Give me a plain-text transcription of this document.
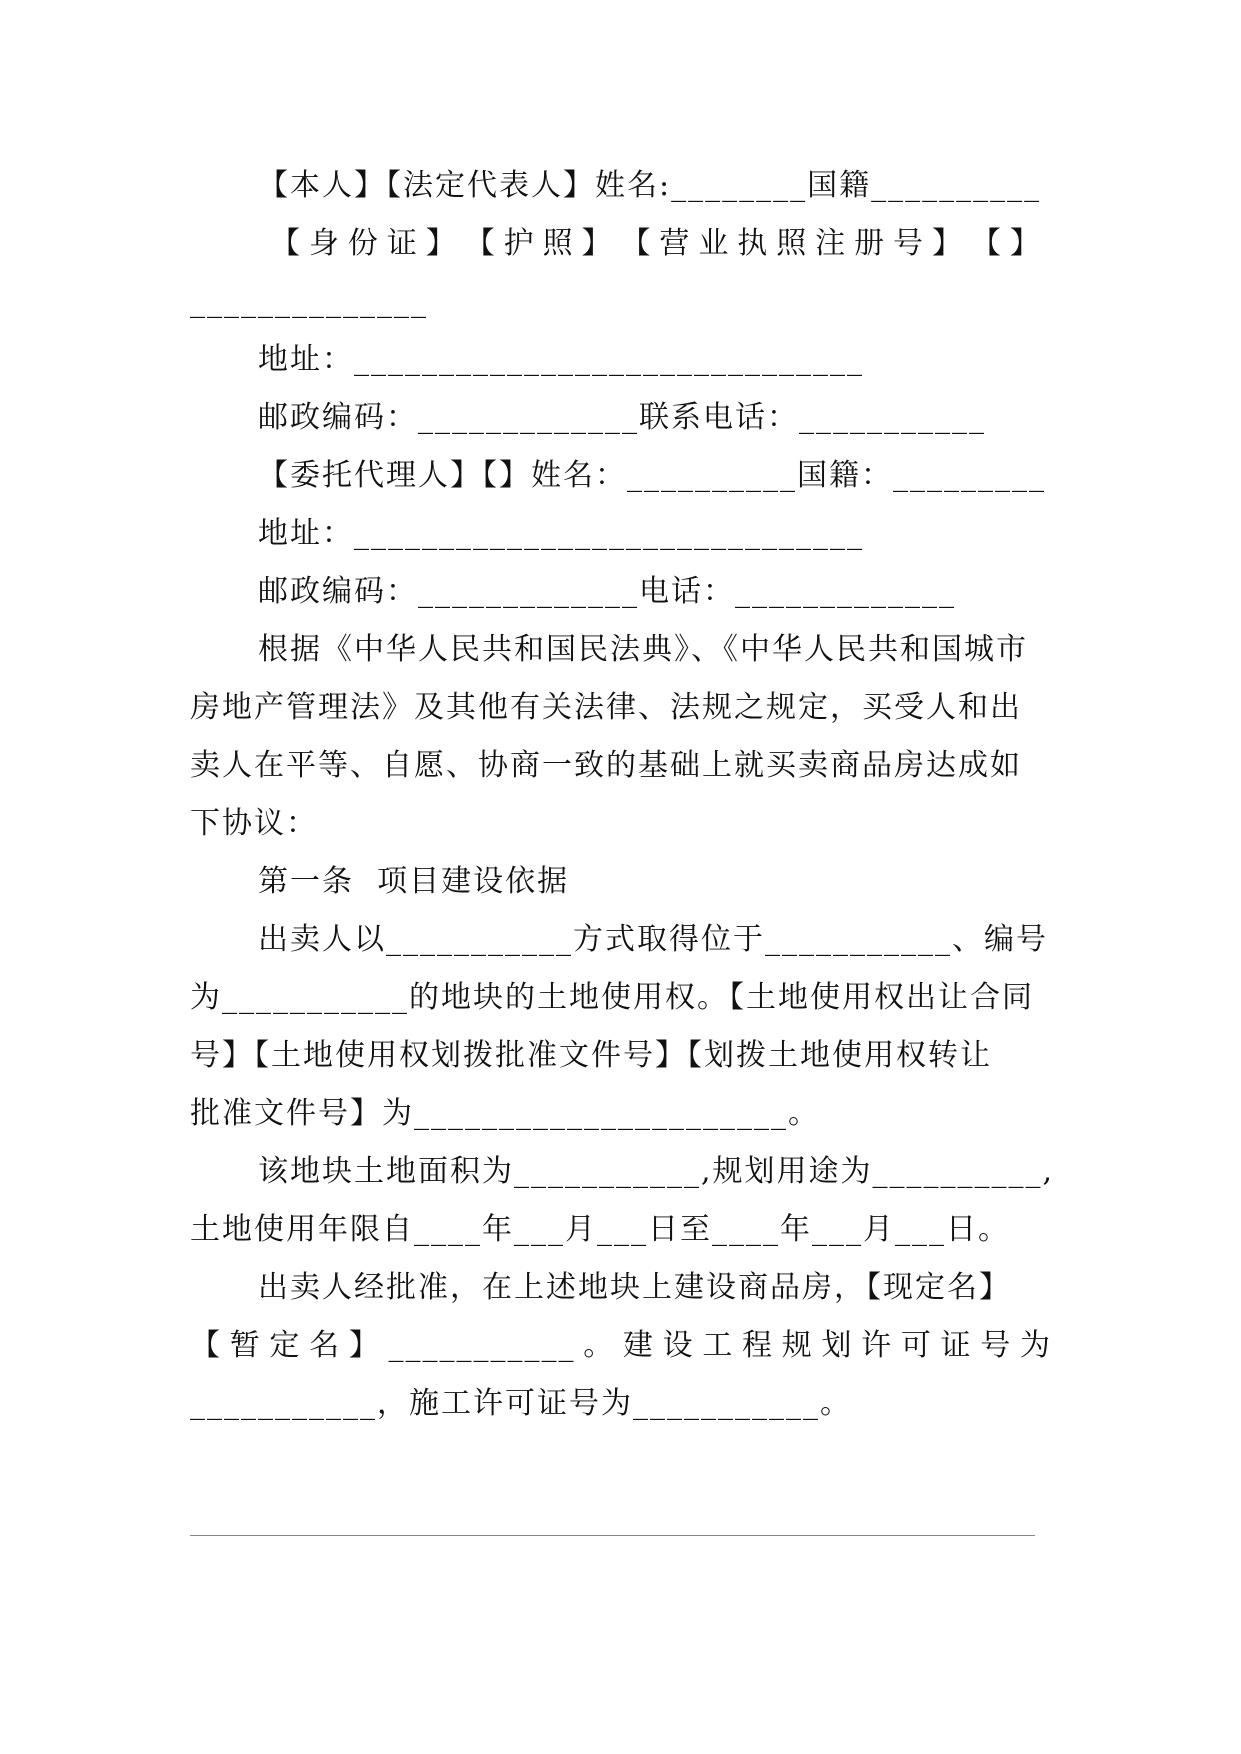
【本人】【法定代表人】姓名:________国籍__________
【 身 份 证 】 【 护 照 】 【 营 业 执 照 注 册 号 】 【 】
______________
地址：______________________________
邮政编码：_____________联系电话：___________
【委托代理人】【】姓名：__________国籍：_________
地址：______________________________
邮政编码：_____________电话：_____________
根据《中华人民共和国民法典》、《中华人民共和国城市
房地产管理法》及其他有关法律、法规之规定，买受人和出
卖人在平等、自愿、协商一致的基础上就买卖商品房达成如
下协议：
第一条  项目建设依据
出卖人以___________方式取得位于___________、编号
为___________的地块的土地使用权。【土地使用权出让合同
号】【土地使用权划拨批准文件号】【划拨土地使用权转让
批准文件号】为______________________。
该地块土地面积为___________,规划用途为__________,
土地使用年限自____年___月___日至____年___月___日。
出卖人经批准，在上述地块上建设商品房，【现定名】
【 暂 定 名 】 ___________ 。 建 设 工 程 规 划 许 可 证 号 为
___________，施工许可证号为___________。
